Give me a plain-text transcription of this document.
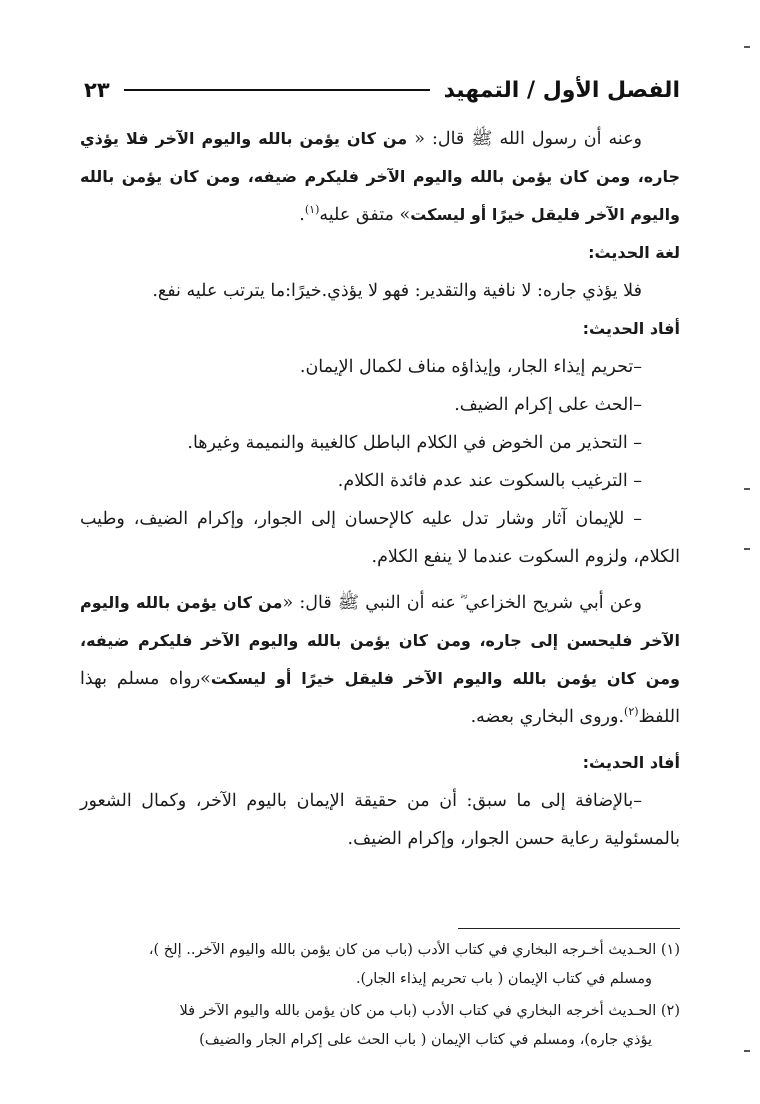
الفصل الأول / التمهيد
٢٣

وعنه أن رسول الله ﷺ قال: « من كان يؤمن بالله واليوم الآخر فلا يؤذي جاره، ومن كان يؤمن بالله واليوم الآخر فليكرم ضيفه، ومن كان يؤمن بالله واليوم الآخر فليقل خيرًا أو ليسكت» متفق عليه$^{(١)}$.

لغة الحديث:

فلا يؤذي جاره: لا نافية والتقدير: فهو لا يؤذي.خيرًا:ما يترتب عليه نفع.

أفاد الحديث:

–تحريم إيذاء الجار، وإيذاؤه مناف لكمال الإيمان.

–الحث على إكرام الضيف.

– التحذير من الخوض في الكلام الباطل كالغيبة والنميمة وغيرها.

– الترغيب بالسكوت عند عدم فائدة الكلام.

– للإيمان آثار وشار تدل عليه كالإحسان إلى الجوار، وإكرام الضيف، وطيب الكلام، ولزوم السكوت عندما لا ينفع الكلام.

وعن أبي شريح الخزاعي ؓ عنه أن النبي ﷺ قال: «من كان يؤمن بالله واليوم الآخر فليحسن إلى جاره، ومن كان يؤمن بالله واليوم الآخر فليكرم ضيفه، ومن كان يؤمن بالله واليوم الآخر فليقل خيرًا أو ليسكت»رواه مسلم بهذا اللفظ$^{(٢)}$.وروى البخاري بعضه.

أفاد الحديث:

–بالإضافة إلى ما سبق: أن من حقيقة الإيمان باليوم الآخر، وكمال الشعور بالمسئولية رعاية حسن الجوار، وإكرام الضيف.

(١) الحـديث أخـرجه البخاري في كتاب الأدب (باب من كان يؤمن بالله واليوم الآخر.. إلخ )،
ومسلم في كتاب الإيمان ( باب تحريم إيذاء الجار).

(٢) الحـديث أخرجه البخاري في كتاب الأدب (باب من كان يؤمن بالله واليوم الآخر فلا
يؤذي جاره)، ومسلم في كتاب الإيمان ( باب الحث على إكرام الجار والضيف)
